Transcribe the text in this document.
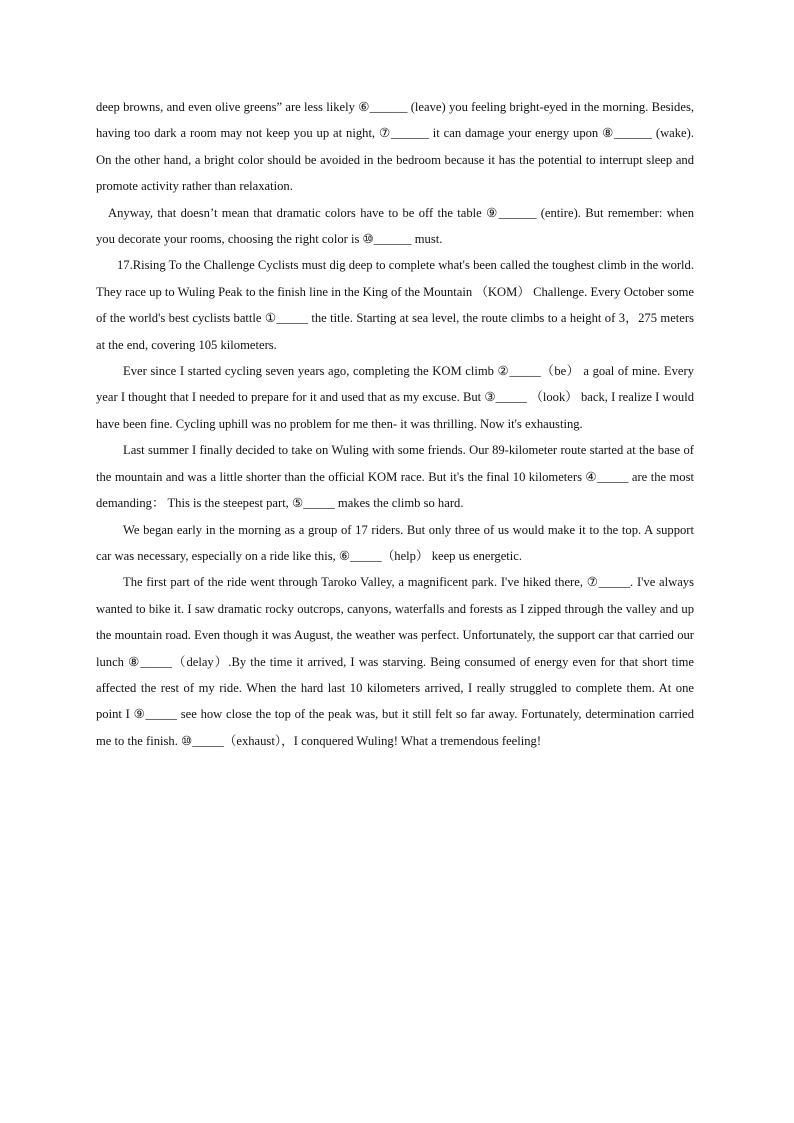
deep browns, and even olive greens” are less likely ⑥______ (leave) you feeling bright-eyed in the morning. Besides, having too dark a room may not keep you up at night, ⑦______ it can damage your energy upon ⑧______ (wake). On the other hand, a bright color should be avoided in the bedroom because it has the potential to interrupt sleep and promote activity rather than relaxation.

Anyway, that doesn’t mean that dramatic colors have to be off the table ⑨______ (entire). But remember: when you decorate your rooms, choosing the right color is ⑩______ must.

17.Rising To the Challenge Cyclists must dig deep to complete what's been called the toughest climb in the world. They race up to Wuling Peak to the finish line in the King of the Mountain （KOM） Challenge. Every October some of the world's best cyclists battle ①_____ the title. Starting at sea level, the route climbs to a height of 3，275 meters at the end, covering 105 kilometers.

Ever since I started cycling seven years ago, completing the KOM climb ②_____（be） a goal of mine. Every year I thought that I needed to prepare for it and used that as my excuse. But ③_____ （look） back, I realize I would have been fine. Cycling uphill was no problem for me then- it was thrilling. Now it's exhausting.

Last summer I finally decided to take on Wuling with some friends. Our 89-kilometer route started at the base of the mountain and was a little shorter than the official KOM race. But it's the final 10 kilometers ④_____ are the most demanding： This is the steepest part, ⑤_____ makes the climb so hard.

We began early in the morning as a group of 17 riders. But only three of us would make it to the top. A support car was necessary, especially on a ride like this, ⑥_____（help） keep us energetic.

The first part of the ride went through Taroko Valley, a magnificent park. I've hiked there, ⑦_____. I've always wanted to bike it. I saw dramatic rocky outcrops, canyons, waterfalls and forests as I zipped through the valley and up the mountain road. Even though it was August, the weather was perfect. Unfortunately, the support car that carried our lunch ⑧_____（delay）.By the time it arrived, I was starving. Being consumed of energy even for that short time affected the rest of my ride. When the hard last 10 kilometers arrived, I really struggled to complete them. At one point I ⑨_____ see how close the top of the peak was, but it still felt so far away. Fortunately, determination carried me to the finish. ⑩_____（exhaust），I conquered Wuling! What a tremendous feeling!
